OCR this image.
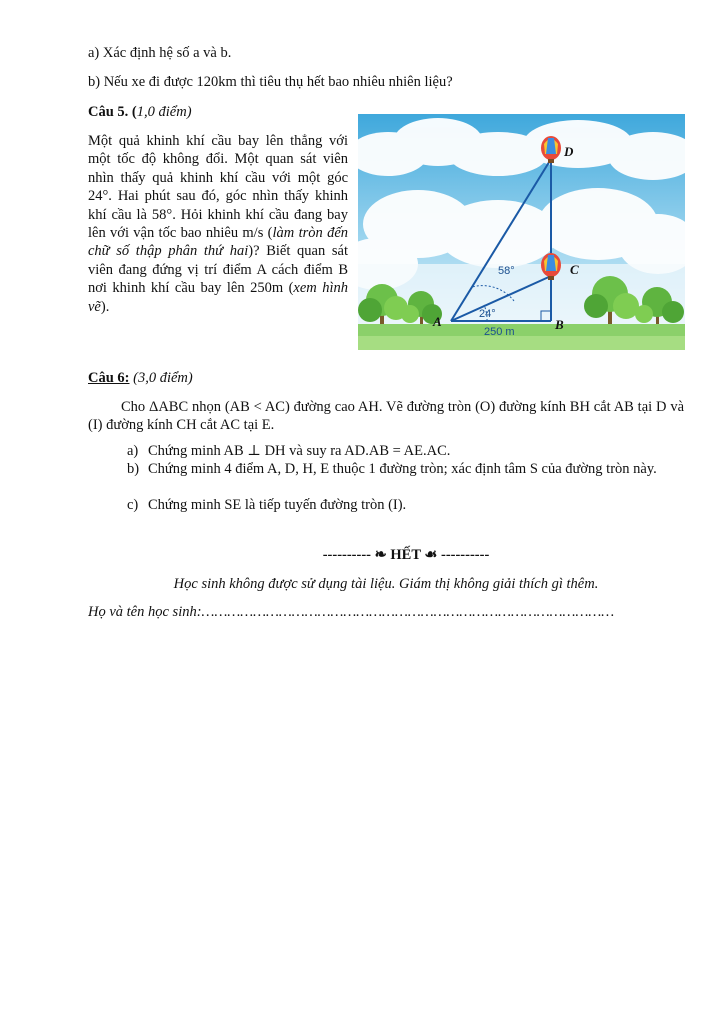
a) Xác định hệ số a và b.
b) Nếu xe đi được 120km thì tiêu thụ hết bao nhiêu nhiên liệu?
Câu 5. (1,0 điểm)
Một quả khinh khí cầu bay lên thẳng với một tốc độ không đổi. Một quan sát viên nhìn thấy quả khinh khí cầu với một góc 24°. Hai phút sau đó, góc nhìn thấy khinh khí cầu là 58°. Hỏi khinh khí cầu đang bay lên với vận tốc bao nhiêu m/s (làm tròn đến chữ số thập phân thứ hai)? Biết quan sát viên đang đứng vị trí điểm A cách điểm B nơi khinh khí cầu bay lên 250m (xem hình vẽ).
D
C
A	B
58°
24°
250 m
Câu 6: (3,0 điểm)
Cho ΔABC nhọn (AB < AC) đường cao AH. Vẽ đường tròn (O) đường kính BH cắt AB tại D và (I) đường kính CH cắt AC tại E.
a) Chứng minh AB ⊥ DH và suy ra AD.AB = AE.AC.
b) Chứng minh 4 điểm A, D, H, E thuộc 1 đường tròn; xác định tâm S của đường tròn này.
c) Chứng minh SE là tiếp tuyến đường tròn (I).
---------- ❧ HẾT ☙ ----------
Học sinh không được sử dụng tài liệu. Giám thị không giải thích gì thêm.
Họ và tên học sinh:……………………………………………………………………………………
